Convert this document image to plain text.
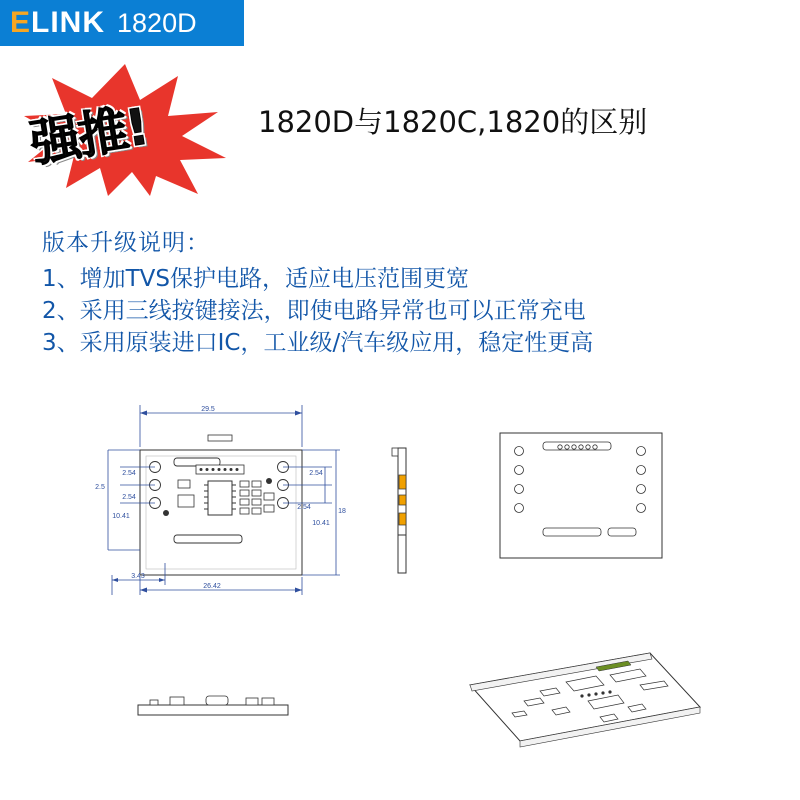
E LINK 1820D
强推!	1820D与1820C,1820的区别
版本升级说明：
1、增加TVS保护电路，适应电压范围更宽
2、采用三线按键接法，即使电路异常也可以正常充电
3、采用原装进口IC，工业级/汽车级应用，稳定性更高
29.5
26.42
2.5
2.54
2.54
10.41
3.43
2.54
2.54
10.41
18
